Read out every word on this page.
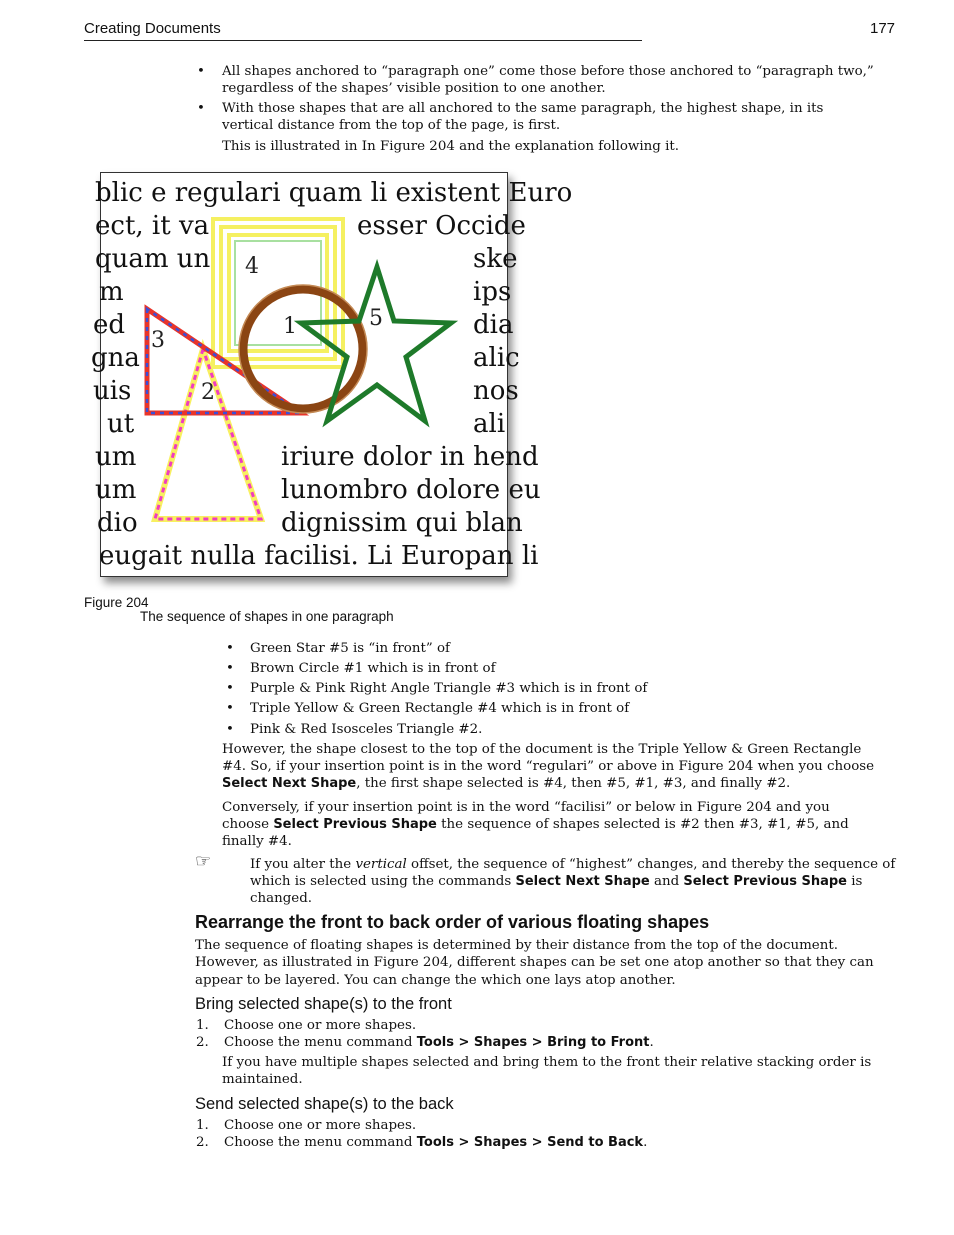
Creating Documents	177
• All shapes anchored to “paragraph one” come those before those anchored to “paragraph two,”
regardless of the shapes’ visible position to one another.
• With those shapes that are all anchored to the same paragraph, the highest shape, in its
vertical distance from the top of the page, is first.
This is illustrated in In Figure 204 and the explanation following it.
blic e regulari quam li existent Euro
ect, it va
quam un
m
ed
gna
uis
ut
um
um
dio
eugait nulla facilisi. Li Europan li
esser Occide
ske
ips
dia
alic
nos
ali
iriure dolor in hend
lunombro dolore eu
dignissim qui blan
4
2
3
1	5
Figure 204
The sequence of shapes in one paragraph
• Green Star #5 is “in front” of
• Brown Circle #1 which is in front of
• Purple & Pink Right Angle Triangle #3 which is in front of
• Triple Yellow & Green Rectangle #4 which is in front of
• Pink & Red Isosceles Triangle #2.
However, the shape closest to the top of the document is the Triple Yellow & Green Rectangle
#4. So, if your insertion point is in the word “regulari” or above in Figure 204 when you choose
Select Next Shape, the first shape selected is #4, then #5, #1, #3, and finally #2.
Conversely, if your insertion point is in the word “facilisi” or below in Figure 204 and you
choose Select Previous Shape the sequence of shapes selected is #2 then #3, #1, #5, and
finally #4.
☞	If you alter the vertical offset, the sequence of “highest” changes, and thereby the sequence of
which is selected using the commands Select Next Shape and Select Previous Shape is
changed.
Rearrange the front to back order of various floating shapes
The sequence of floating shapes is determined by their distance from the top of the document.
However, as illustrated in Figure 204, different shapes can be set one atop another so that they can
appear to be layered. You can change the which one lays atop another.
Bring selected shape(s) to the front
1. Choose one or more shapes.
2. Choose the menu command Tools > Shapes > Bring to Front.
If you have multiple shapes selected and bring them to the front their relative stacking order is
maintained.
Send selected shape(s) to the back
1. Choose one or more shapes.
2. Choose the menu command Tools > Shapes > Send to Back.
